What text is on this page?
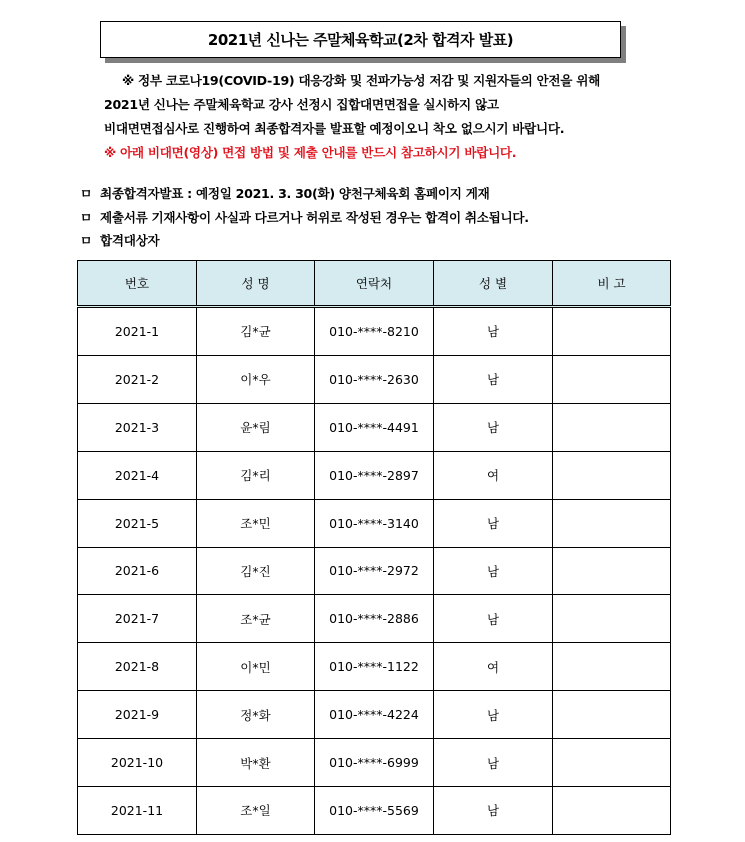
2021년 신나는 주말체육학교(2차 합격자 발표)
※ 정부 코로나19(COVID-19) 대응강화 및 전파가능성 저감 및 지원자들의 안전을 위해
2021년 신나는 주말체육학교 강사 선정시 집합대면면접을 실시하지 않고
비대면면접심사로 진행하여 최종합격자를 발표할 예정이오니 착오 없으시기 바랍니다.
※ 아래 비대면(영상) 면접 방법 및 제출 안내를 반드시 참고하시기 바랍니다.
ㅁ 최종합격자발표 : 예정일 2021. 3. 30(화) 양천구체육회 홈페이지 게재
ㅁ 제출서류 기재사항이 사실과 다르거나 허위로 작성된 경우는 합격이 취소됩니다.
ㅁ 합격대상자
번호	성 명	연락처	성 별	비 고
2021-1	김*균	010-****-8210	남	
2021-2	이*우	010-****-2630	남	
2021-3	윤*림	010-****-4491	남	
2021-4	김*리	010-****-2897	여	
2021-5	조*민	010-****-3140	남	
2021-6	김*진	010-****-2972	남	
2021-7	조*균	010-****-2886	남	
2021-8	이*민	010-****-1122	여	
2021-9	정*화	010-****-4224	남	
2021-10	박*환	010-****-6999	남	
2021-11	조*일	010-****-5569	남	
